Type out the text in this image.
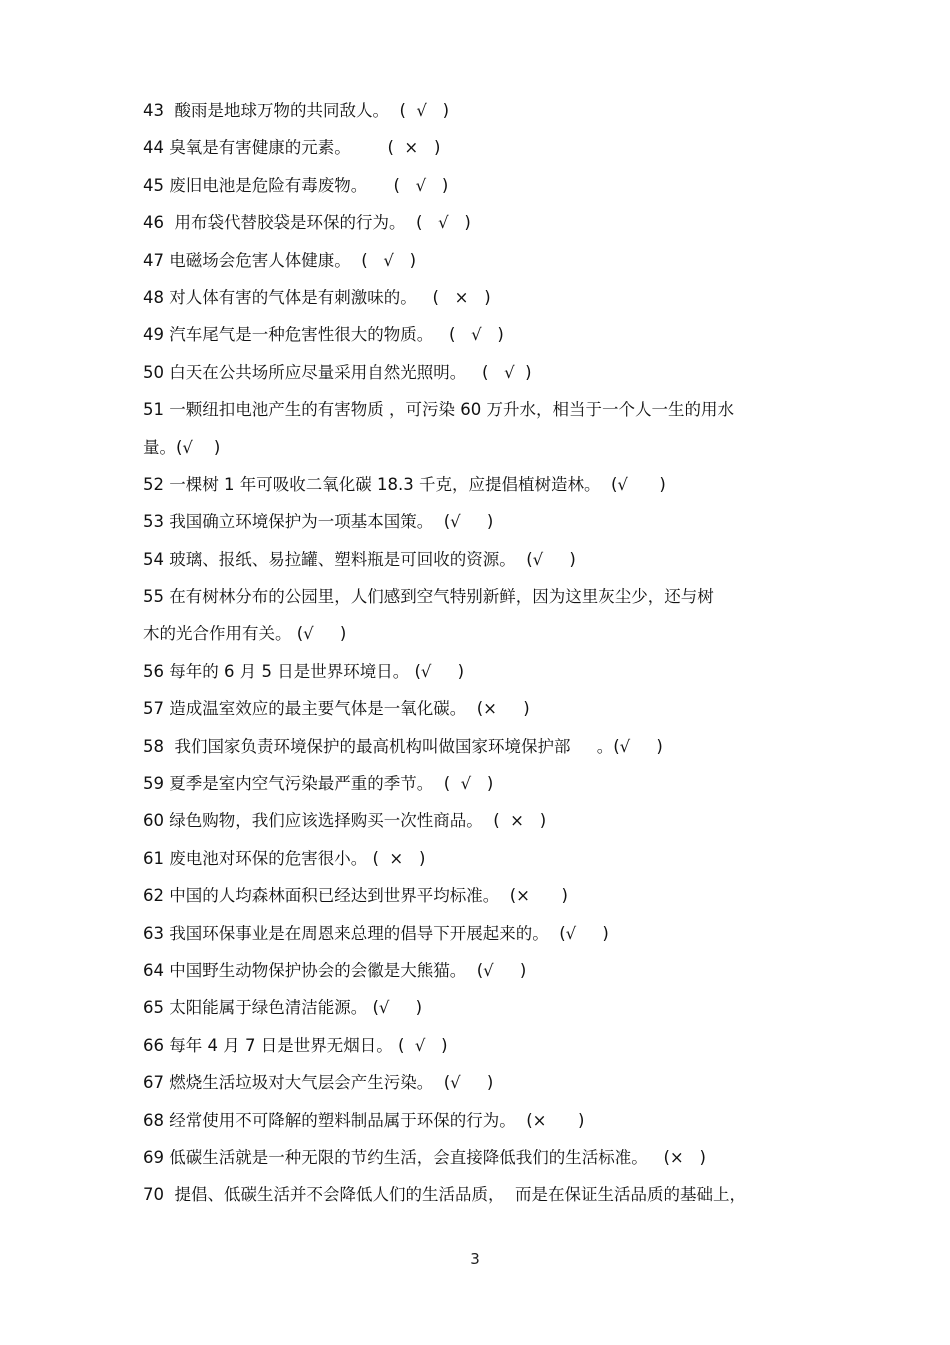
43  酸雨是地球万物的共同敌人。  (  √   )
44 臭氧是有害健康的元素。       (  ×   )
45 废旧电池是危险有毒废物。     (   √   )
46  用布袋代替胶袋是环保的行为。  (   √   )
47 电磁场会危害人体健康。  (   √   )
48 对人体有害的气体是有刺激味的。   (   ×   )
49 汽车尾气是一种危害性很大的物质。   (   √   )
50 白天在公共场所应尽量采用自然光照明。   (   √  )
51 一颗纽扣电池产生的有害物质 ，可污染 60 万升水，相当于一个人一生的用水
量。(√    )
52 一棵树 1 年可吸收二氧化碳 18.3 千克，应提倡植树造林。  (√      )
53 我国确立环境保护为一项基本国策。  (√     )
54 玻璃、报纸、易拉罐、塑料瓶是可回收的资源。  (√     )
55 在有树林分布的公园里，人们感到空气特别新鲜，因为这里灰尘少，还与树
木的光合作用有关。 (√     )
56 每年的 6 月 5 日是世界环境日。 (√     )
57 造成温室效应的最主要气体是一氧化碳。  (×     )
58  我们国家负责环境保护的最高机构叫做国家环境保护部     。(√     )
59 夏季是室内空气污染最严重的季节。  (  √   )
60 绿色购物，我们应该选择购买一次性商品。  (  ×   )
61 废电池对环保的危害很小。 (  ×   )
62 中国的人均森林面积已经达到世界平均标准。  (×      )
63 我国环保事业是在周恩来总理的倡导下开展起来的。  (√     )
64 中国野生动物保护协会的会徽是大熊猫。  (√     )
65 太阳能属于绿色清洁能源。 (√     )
66 每年 4 月 7 日是世界无烟日。 (  √   )
67 燃烧生活垃圾对大气层会产生污染。  (√     )
68 经常使用不可降解的塑料制品属于环保的行为。  (×      )
69 低碳生活就是一种无限的节约生活，会直接降低我们的生活标准。   (×   )
70  提倡、低碳生活并不会降低人们的生活品质，  而是在保证生活品质的基础上，
3
